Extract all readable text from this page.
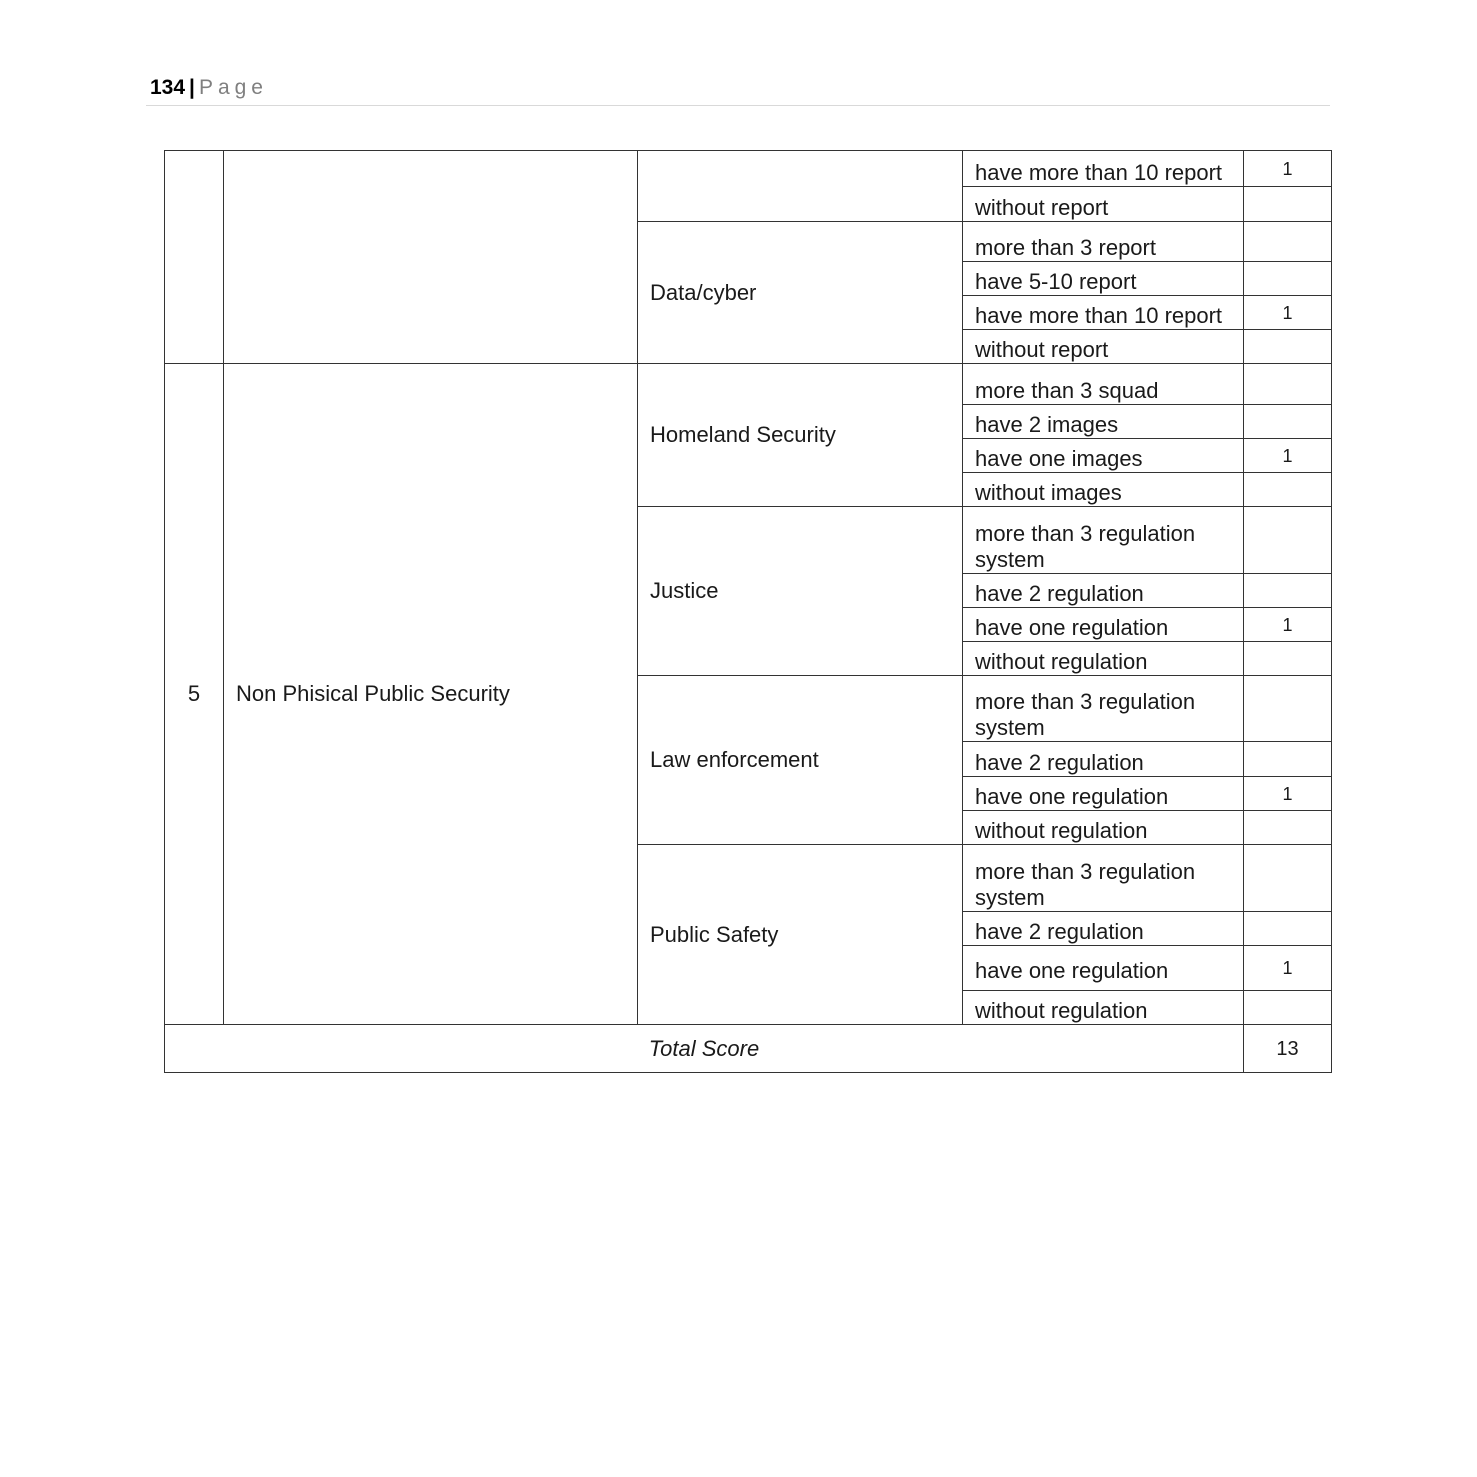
134 | Page
			have more than 10 report	1
			without report	
		Data/cyber	more than 3 report	
			have 5-10 report	
			have more than 10 report	1
			without report	
5	Non Phisical Public Security	Homeland Security	more than 3 squad	
			have 2 images	
			have one images	1
			without images	
		Justice	more than 3 regulation system	
			have 2 regulation	
			have one regulation	1
			without regulation	
		Law enforcement	more than 3 regulation system	
			have 2 regulation	
			have one regulation	1
			without regulation	
		Public Safety	more than 3 regulation system	
			have 2 regulation	
			have one regulation	1
			without regulation	
Total Score				13
